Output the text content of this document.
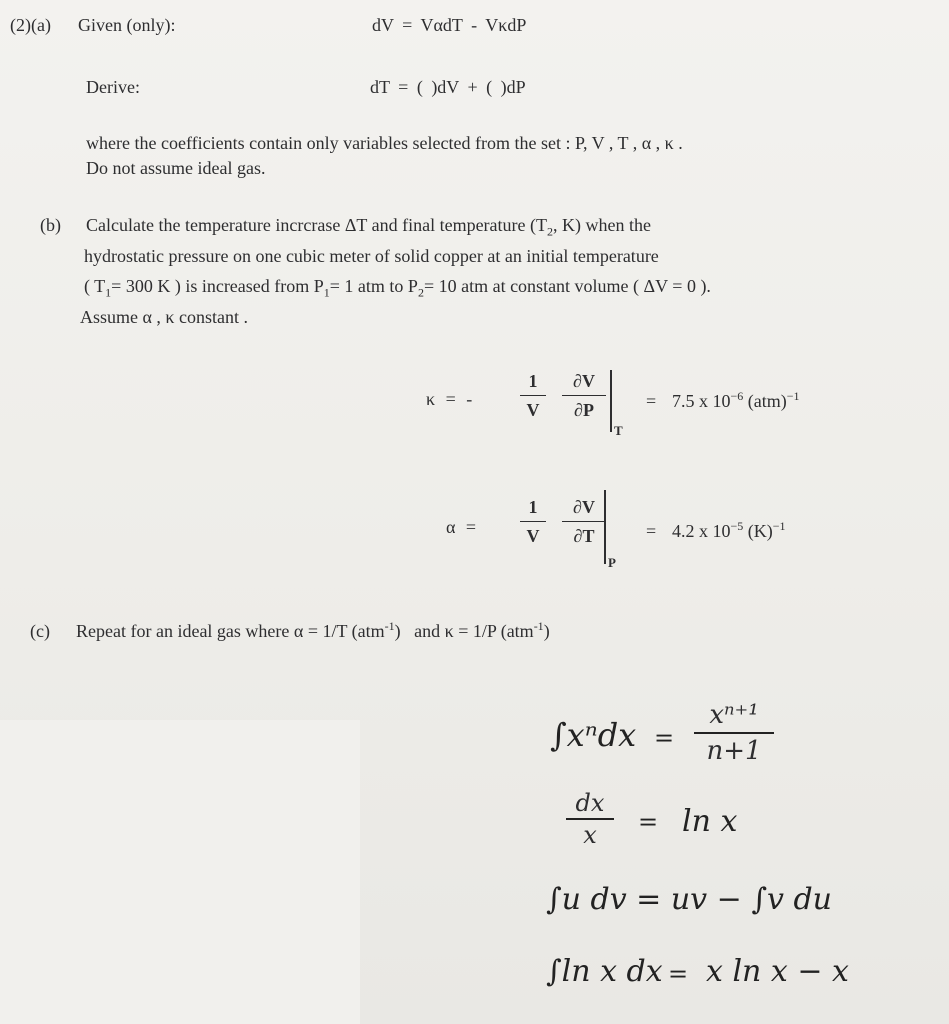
(2)(a) Given (only):	dV = VαdT - VκdP
Derive:	dT = ( )dV + ( )dP
where the coefficients contain only variables selected from the set : P, V , T , α , κ .
Do not assume ideal gas.
(b) Calculate the temperature incrcrase ΔT and final temperature ($T_2$, K) when the
hydrostatic pressure on one cubic meter of solid copper at an initial temperature
( $T_1= 300$ K ) is increased from $P_1= 1$ atm to $P_2= 10$ atm at constant volume ( ΔV = 0 ).
Assume α , κ constant .
κ = -
1
V
∂V
∂P
T
= 7.5 x $10^{-6}$ (atm)$^{-1}$
α =
1
V
∂V
∂T
P
= 4.2 x $10^{-5}$ $(K)^{-1}$
(c) Repeat for an ideal gas where α = 1/T (atm$^{-1}$) and κ = 1/P (atm$^{-1}$)
∫xⁿdx =
xⁿ⁺¹
n+1
dx
x	= ln x
∫u dv = uv − ∫v du
∫ln x dx = x ln x − x
